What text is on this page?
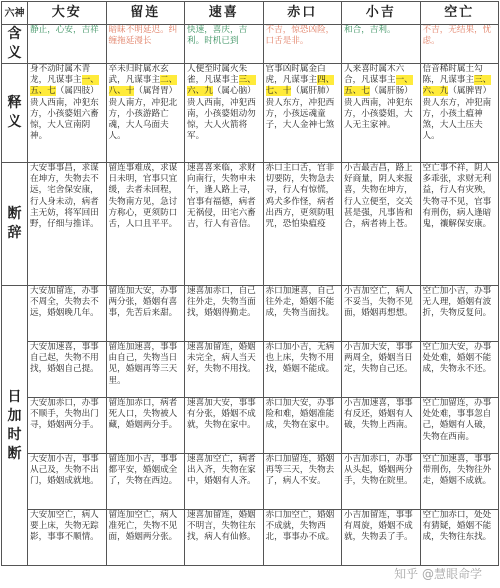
六神	大安	留连	速喜	赤口	小吉	空亡
含义	静止，心安，吉祥	暗昧不明延迟。纠缠拖延漫长	快速，喜庆，吉利。时机已到	不吉，惊恐凶险，口舌是非。	和合，吉利。	不吉，无结果，忧虑。
释义	身不动时属木青龙，凡谋事主一、五、七（属四肢）贵人西南，冲犯东方，小孩婆姐六畜惊，大人宣南阴神。	卒未归时属水玄武，凡谋事主二、八、十（属肾胃）贵人南方，冲犯北方，小孩游路亡魂，大人乌面夫人。	人便至时属火朱雀，凡谋事主三、六、九（属心脑）贵人西南，冲犯西南，小孩婆姐动勿惊，大人火箭将军。	官事凶时属金白虎，凡谋事主四、七、十（属肝肺）贵人东方，冲犯西方，小孩远魂童子，大人金神七煞	人来喜时属木六合，凡谋事主一、五、七（属肝肠）贵人西南，冲犯东方，小孩婆姐，大人无主家神。	信音稀时属土勾陈，凡谋事主三、六、九（属脾胃）贵人东方，冲犯南方，小孩土瘟神煞，大人土压夫人。
断辞	大安事事昌，求谋在坤方，失物去不远，宅舍保安康，行人身未动，病者主无妨，将军回田野，仔细与推详。	留连事难成，求谋日未明，官事只宜缓，去者未回程，失物南方见，急讨方称心，更须防口舌，人口且平平。	速喜喜来临，求财向南行，失物申未午，逢人路上寻，官事有福德，病者无祸侵，田宅六畜吉，行人有音信。	赤口主口舌，官非切要防，失物急去寻，行人有惊慌，鸡犬多作怪，病者出西方，更须防咀咒，恐怕染瘟疫	小吉最吉昌，路上好商量，阴人来报喜，失物在坤方，行人立便至，交关甚是强，凡事皆和合，病者祷上苍。	空亡事不祥，阴人多乖张，求财无利益，行人有灾殃，失物寻不见，官事有刑伤，病人逢暗鬼，禳解保安康。
日加时断	大安加留连，办事不周全，失物去不远，婚姻晚几年。	留连加大安，办事两分张，婚姻有喜事，先苦后来甜。	速喜加赤口，自己往外走，失物当面找，婚姻得勤走。	赤口加速喜，自己往外走，婚姻不能成，失物当面找。	小吉加空亡，病人不妥当，失物不见面，婚姻再想想。	空亡加小吉，办事无人理，婚姻有波折，失物反复问。
	大安加速喜，事事自己起，失物不用找，婚姻自己提。	留连加速喜，事事由自己，失物当日见，婚姻再等三天里。	速喜加留连，婚姻未完全，病人当天好，失物不用找。	赤口加小吉，无病也上床，失物不用找，婚姻不能成。	小吉加大安，事事两周全，婚姻当日定，失物自己还。	空亡加大安，办事处处难，婚姻不能成，失物永不还。
	大安加赤口，办事不顺手，失物出门寻，婚姻两分手。	留连加赤口，病者死人口，失物被人藏，婚姻两分手。	速喜加大安，事事有分张，婚姻不成就，失物在家中。	赤口加大安，办事险和难，婚姻准能成，失物在家中。	小吉加速喜，事事有反还，婚姻有人破，失物上西南。	空亡加留连，办事处处难，事事忽自己，婚姻有人破，失物在西南。
	大安加小吉，事事从己及，失物不出门，婚姻成就地。	留连加小吉，事事都平安，婚姻成全了，失物在西边。	速喜加空亡，病者出入齐，失物在家中，婚姻有人齐。	赤口加留连，婚姻再等三天，失物去了，病人不安。	小吉加赤口，办事从头起，婚姻两分手，失物在院里。	空亡加速喜，事事带刑伤，失物往外走，婚姻不成就。
	大安加空亡，病人要上床，失物无踪影，事事不顺情。	留连加空亡，病人准死亡，失物不见面，婚姻两分张。	速喜加留连，婚姻不明言，失物往东找，病人有仙修。	赤口加空亡，婚姻不成就，失物西北，事事办不成。	小吉加留连，事事有周旋，婚姻不成就，失物丢了手。	空亡加赤口，处处有猜疑，婚姻不能成，失物往东找。
知乎 @慧眼命学
